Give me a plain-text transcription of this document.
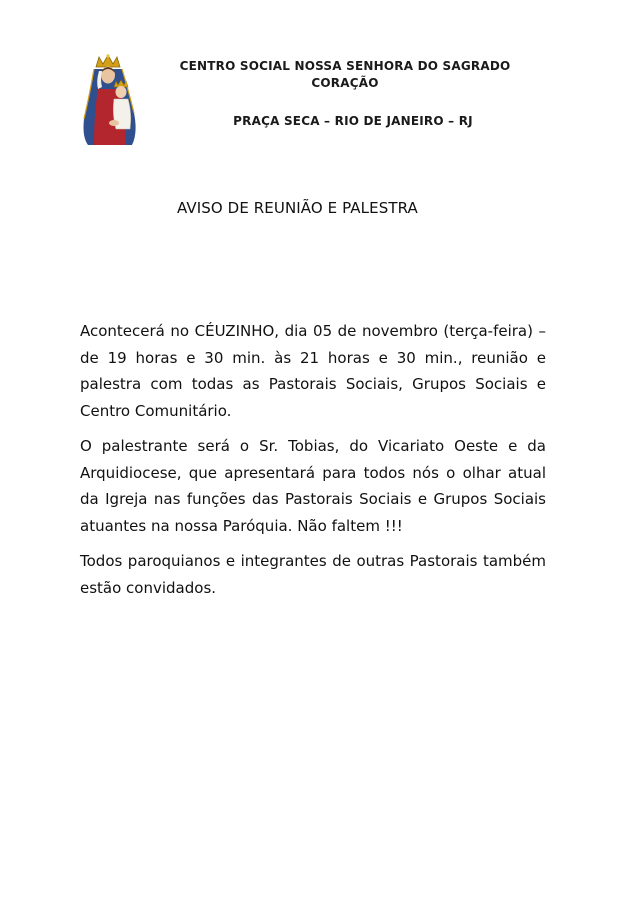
CENTRO SOCIAL NOSSA SENHORA DO SAGRADO CORAÇÃO
PRAÇA SECA – RIO DE JANEIRO – RJ
AVISO DE REUNIÃO E PALESTRA

Acontecerá no CÉUZINHO, dia 05 de novembro (terça-feira) – de 19 horas e 30 min. às 21 horas e 30 min., reunião e palestra com todas as Pastorais Sociais, Grupos Sociais e Centro Comunitário.

O palestrante será o Sr. Tobias, do Vicariato Oeste e da Arquidiocese, que apresentará para todos nós o olhar atual da Igreja nas funções das Pastorais Sociais e Grupos Sociais atuantes na nossa Paróquia. Não faltem !!!

Todos paroquianos e integrantes de outras Pastorais também estão convidados.
